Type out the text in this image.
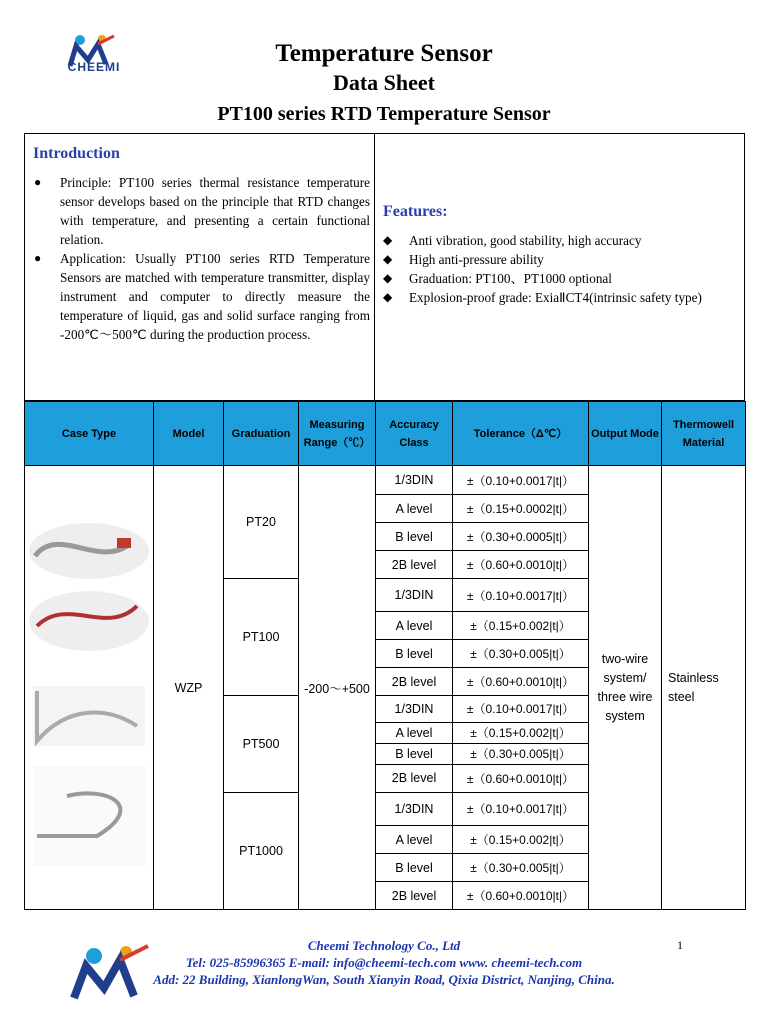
CHEEMI	Temperature Sensor
Data Sheet
PT100 series RTD Temperature Sensor
Introduction
● Principle: PT100 series thermal resistance temperature sensor develops based on the principle that RTD changes with temperature, and presenting a certain functional relation.
● Application: Usually PT100 series RTD Temperature Sensors are matched with temperature transmitter, display instrument and computer to directly measure the temperature of liquid, gas and solid surface ranging from -200℃～500℃ during the production process.
Features:
◆ Anti vibration, good stability, high accuracy
◆ High anti-pressure ability
◆ Graduation: PT100、PT1000 optional
◆ Explosion-proof grade: ExiaⅡCT4(intrinsic safety type)
Case Type	Model	Graduation	Measuring Range（℃）	Accuracy Class	Tolerance（Δ℃）	Output Mode	Thermowell Material
	WZP	PT20	-200～+500	1/3DIN	±（0.10+0.0017|t|）	two-wire system/ three wire system	Stainless steel
				A level	±（0.15+0.0002|t|）		
				B level	±（0.30+0.0005|t|）		
				2B level	±（0.60+0.0010|t|）		
		PT100		1/3DIN	±（0.10+0.0017|t|）		
				A level	±（0.15+0.002|t|）		
				B level	±（0.30+0.005|t|）		
				2B level	±（0.60+0.0010|t|）		
		PT500		1/3DIN	±（0.10+0.0017|t|）		
				A level	±（0.15+0.002|t|）		
				B level	±（0.30+0.005|t|）		
				2B level	±（0.60+0.0010|t|）		
		PT1000		1/3DIN	±（0.10+0.0017|t|）		
				A level	±（0.15+0.002|t|）		
				B level	±（0.30+0.005|t|）		
				2B level	±（0.60+0.0010|t|）		
Cheemi Technology Co., Ltd
Tel: 025-85996365 E-mail: info@cheemi-tech.com www. cheemi-tech.com
Add: 22 Building, XianlongWan, South Xianyin Road, Qixia District, Nanjing, China.
1
